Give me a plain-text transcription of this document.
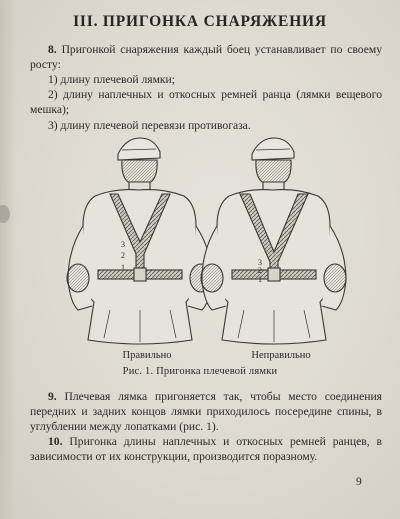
III. ПРИГОНКА СНАРЯЖЕНИЯ

8. Пригонкой снаряжения каждый боец устанавливает по своему росту:

1) длину плечевой лямки;

2) длину наплечных и откосных ремней ранца (лямки вещевого мешка);

3) длину плечевой перевязи противогаза.

3
2
1
3
2
1
Правильно	Неправильно
Рис. 1. Пригонка плечевой лямки

9. Плечевая лямка пригоняется так, чтобы место соединения передних и задних концов лямки приходилось посередине спины, в углублении между лопатками (рис. 1).

10. Пригонка длины наплечных и откосных ремней ранцев, в зависимости от их конструкции, производится поразному.

9
